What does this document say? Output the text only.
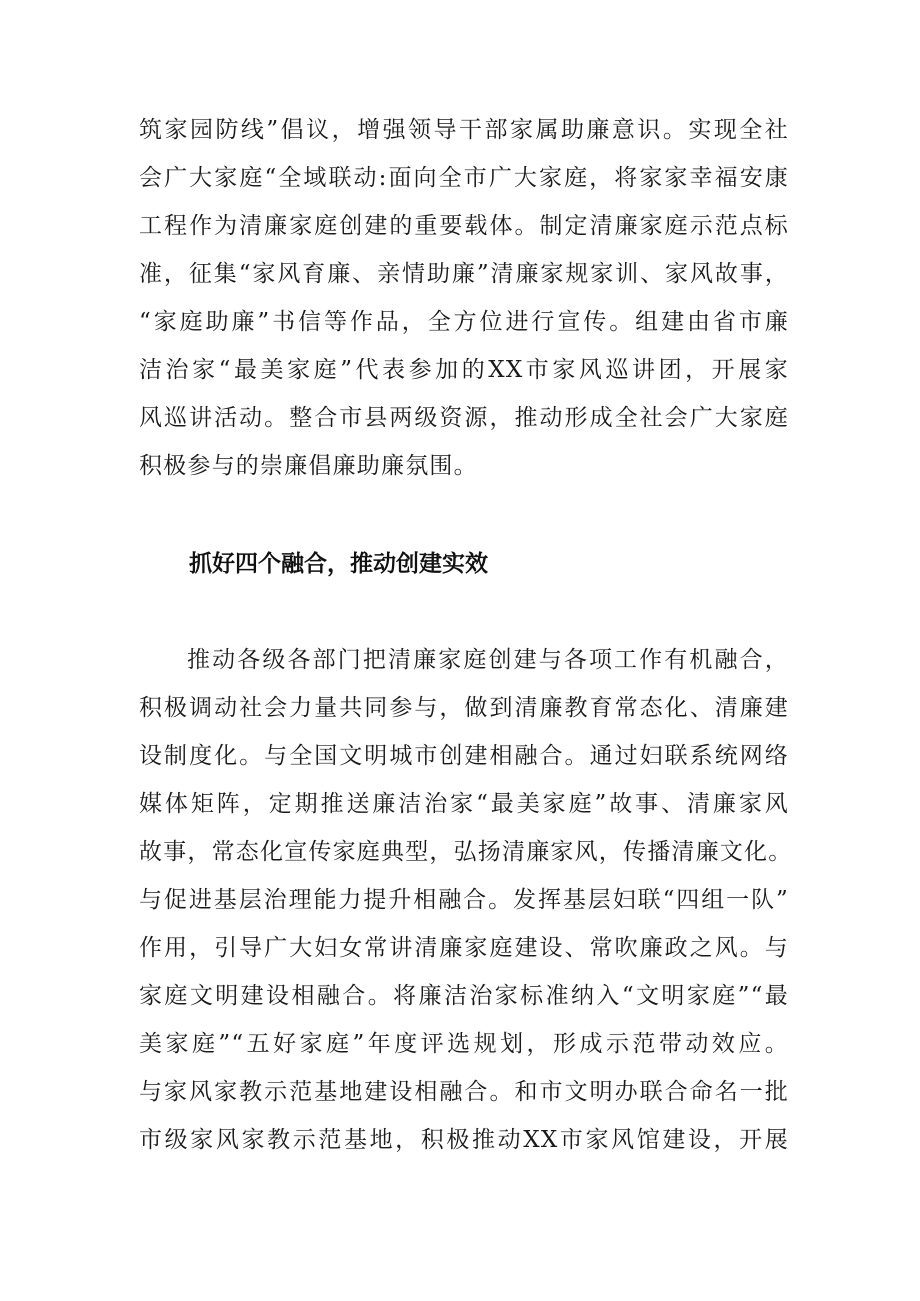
筑家园防线”倡议，增强领导干部家属助廉意识。实现全社
会广大家庭“全域联动:面向全市广大家庭，将家家幸福安康
工程作为清廉家庭创建的重要载体。制定清廉家庭示范点标
准，征集“家风育廉、亲情助廉”清廉家规家训、家风故事，
“家庭助廉”书信等作品，全方位进行宣传。组建由省市廉
洁治家“最美家庭”代表参加的XX市家风巡讲团，开展家
风巡讲活动。整合市县两级资源，推动形成全社会广大家庭
积极参与的崇廉倡廉助廉氛围。
抓好四个融合，推动创建实效
推动各级各部门把清廉家庭创建与各项工作有机融合，
积极调动社会力量共同参与，做到清廉教育常态化、清廉建
设制度化。与全国文明城市创建相融合。通过妇联系统网络
媒体矩阵，定期推送廉洁治家“最美家庭”故事、清廉家风
故事，常态化宣传家庭典型，弘扬清廉家风，传播清廉文化。
与促进基层治理能力提升相融合。发挥基层妇联“四组一队”
作用，引导广大妇女常讲清廉家庭建设、常吹廉政之风。与
家庭文明建设相融合。将廉洁治家标准纳入“文明家庭”“最
美家庭”“五好家庭”年度评选规划，形成示范带动效应。
与家风家教示范基地建设相融合。和市文明办联合命名一批
市级家风家教示范基地，积极推动XX市家风馆建设，开展
